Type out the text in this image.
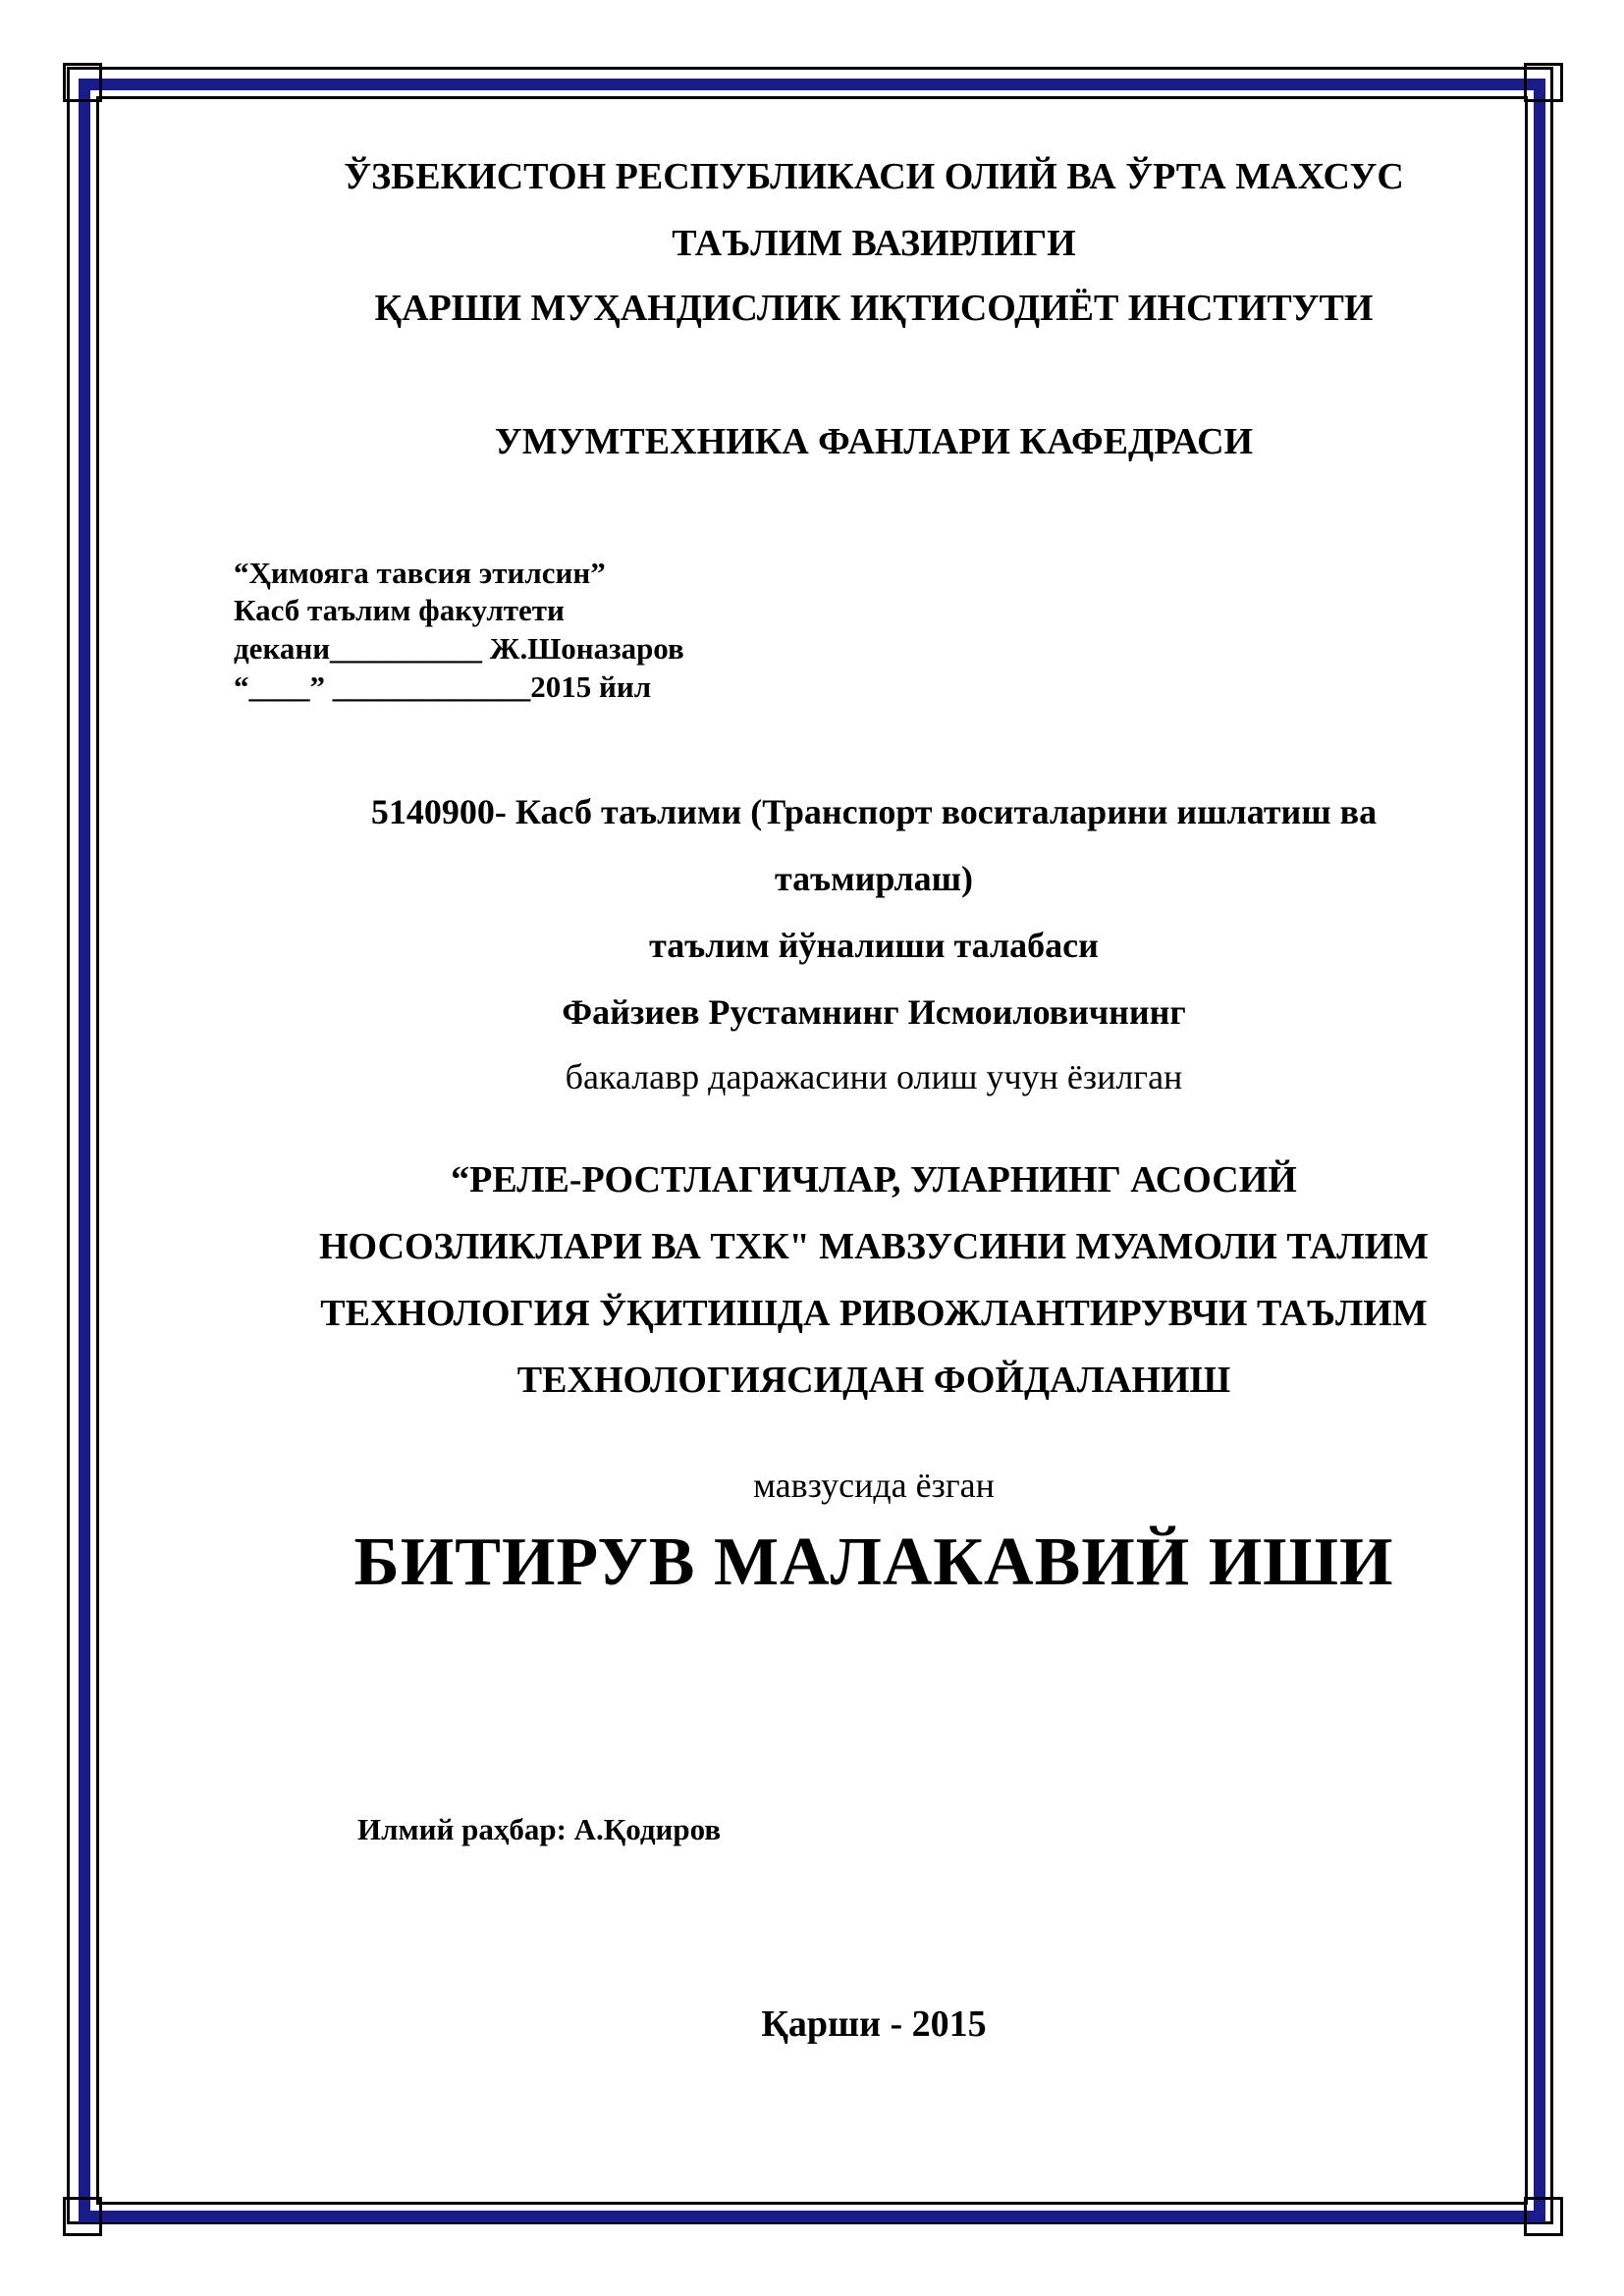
ЎЗБЕКИСТОН РЕСПУБЛИКАСИ ОЛИЙ ВА ЎРТА МАХСУС
ТАЪЛИМ ВАЗИРЛИГИ
ҚАРШИ МУҲАНДИСЛИК ИҚТИСОДИЁТ ИНСТИТУТИ
УМУМТЕХНИКА ФАНЛАРИ КАФЕДРАСИ
“Ҳимояга тавсия этилсин”
Касб таълим факултети
декани__________ Ж.Шоназаров
“____” _____________2015 йил
5140900- Касб таълими (Транспорт воситаларини ишлатиш ва
таъмирлаш)
таълим йўналиши талабаси
Файзиев Рустамнинг Исмоиловичнинг
бакалавр даражасини олиш учун ёзилган
“РЕЛЕ-РОСТЛАГИЧЛАР, УЛАРНИНГ АСОСИЙ
НОСОЗЛИКЛАРИ ВА ТХК" МАВЗУСИНИ МУАМОЛИ ТАЛИМ
ТЕХНОЛОГИЯ ЎҚИТИШДА РИВОЖЛАНТИРУВЧИ ТАЪЛИМ
ТЕХНОЛОГИЯСИДАН ФОЙДАЛАНИШ
мавзусида ёзган
БИТИРУВ МАЛАКАВИЙ ИШИ
Илмий раҳбар: А.Қодиров
Қарши - 2015
